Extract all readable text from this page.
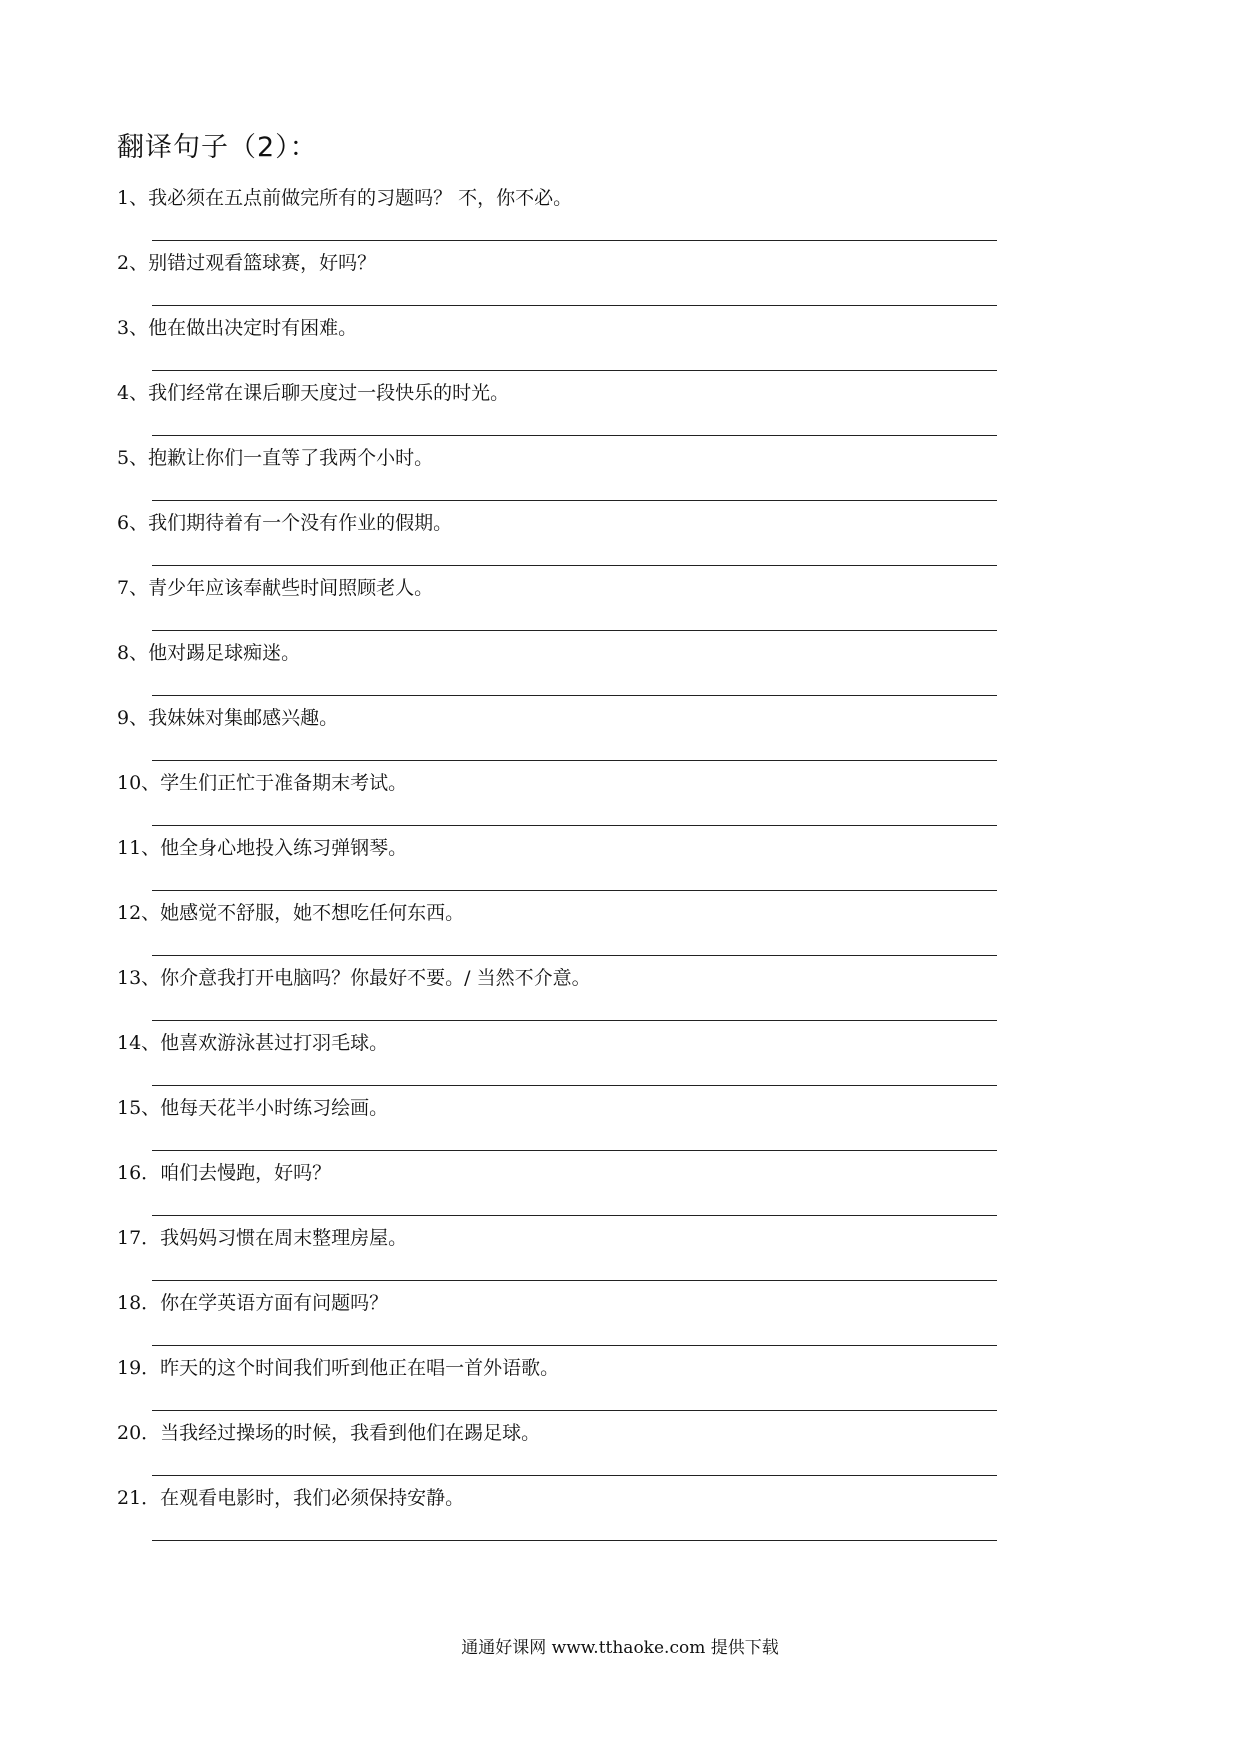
翻译句子（2）：
1、我必须在五点前做完所有的习题吗？ 不，你不必。
2、别错过观看篮球赛，好吗？
3、他在做出决定时有困难。
4、我们经常在课后聊天度过一段快乐的时光。
5、抱歉让你们一直等了我两个小时。
6、我们期待着有一个没有作业的假期。
7、青少年应该奉献些时间照顾老人。
8、他对踢足球痴迷。
9、我妹妹对集邮感兴趣。
10、学生们正忙于准备期末考试。
11、他全身心地投入练习弹钢琴。
12、她感觉不舒服，她不想吃任何东西。
13、你介意我打开电脑吗？你最好不要。/ 当然不介意。
14、他喜欢游泳甚过打羽毛球。
15、他每天花半小时练习绘画。
16．咱们去慢跑，好吗？
17．我妈妈习惯在周末整理房屋。
18．你在学英语方面有问题吗？
19．昨天的这个时间我们听到他正在唱一首外语歌。
20．当我经过操场的时候，我看到他们在踢足球。
21．在观看电影时，我们必须保持安静。
通通好课网 www.tthaoke.com 提供下载
